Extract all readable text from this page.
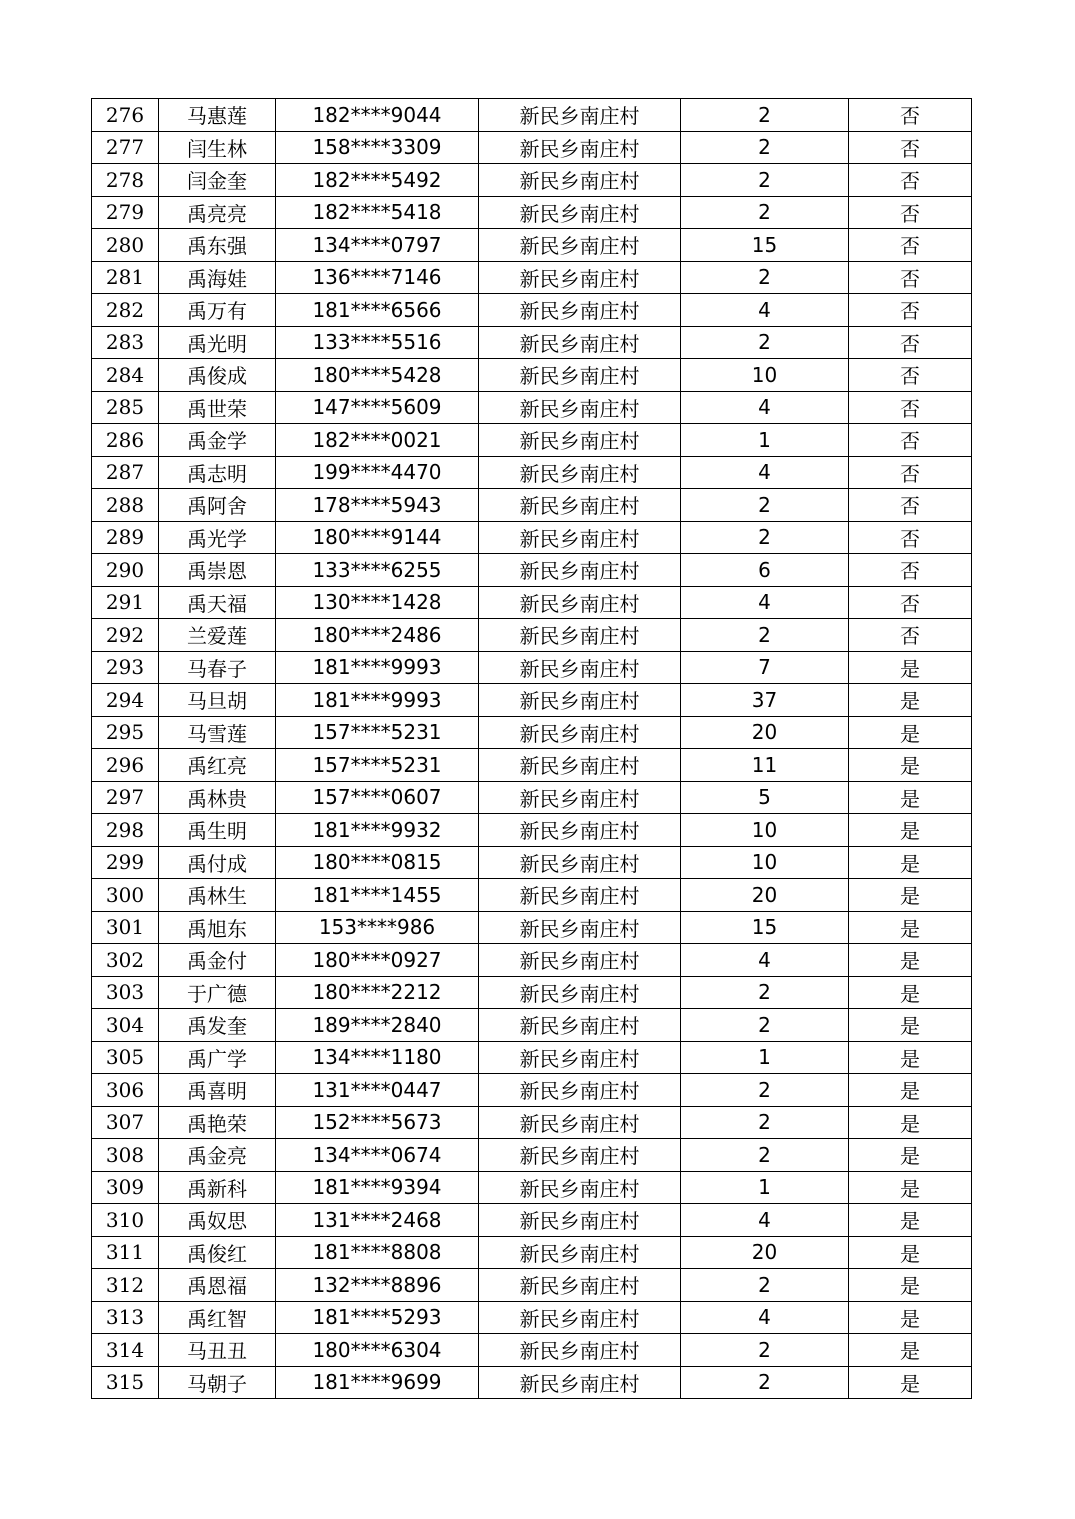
276	马惠莲	182****9044	新民乡南庄村	2	否
277	闫生林	158****3309	新民乡南庄村	2	否
278	闫金奎	182****5492	新民乡南庄村	2	否
279	禹亮亮	182****5418	新民乡南庄村	2	否
280	禹东强	134****0797	新民乡南庄村	15	否
281	禹海娃	136****7146	新民乡南庄村	2	否
282	禹万有	181****6566	新民乡南庄村	4	否
283	禹光明	133****5516	新民乡南庄村	2	否
284	禹俊成	180****5428	新民乡南庄村	10	否
285	禹世荣	147****5609	新民乡南庄村	4	否
286	禹金学	182****0021	新民乡南庄村	1	否
287	禹志明	199****4470	新民乡南庄村	4	否
288	禹阿舍	178****5943	新民乡南庄村	2	否
289	禹光学	180****9144	新民乡南庄村	2	否
290	禹崇恩	133****6255	新民乡南庄村	6	否
291	禹天福	130****1428	新民乡南庄村	4	否
292	兰爱莲	180****2486	新民乡南庄村	2	否
293	马春子	181****9993	新民乡南庄村	7	是
294	马旦胡	181****9993	新民乡南庄村	37	是
295	马雪莲	157****5231	新民乡南庄村	20	是
296	禹红亮	157****5231	新民乡南庄村	11	是
297	禹林贵	157****0607	新民乡南庄村	5	是
298	禹生明	181****9932	新民乡南庄村	10	是
299	禹付成	180****0815	新民乡南庄村	10	是
300	禹林生	181****1455	新民乡南庄村	20	是
301	禹旭东	153****986	新民乡南庄村	15	是
302	禹金付	180****0927	新民乡南庄村	4	是
303	于广德	180****2212	新民乡南庄村	2	是
304	禹发奎	189****2840	新民乡南庄村	2	是
305	禹广学	134****1180	新民乡南庄村	1	是
306	禹喜明	131****0447	新民乡南庄村	2	是
307	禹艳荣	152****5673	新民乡南庄村	2	是
308	禹金亮	134****0674	新民乡南庄村	2	是
309	禹新科	181****9394	新民乡南庄村	1	是
310	禹奴思	131****2468	新民乡南庄村	4	是
311	禹俊红	181****8808	新民乡南庄村	20	是
312	禹恩福	132****8896	新民乡南庄村	2	是
313	禹红智	181****5293	新民乡南庄村	4	是
314	马丑丑	180****6304	新民乡南庄村	2	是
315	马朝子	181****9699	新民乡南庄村	2	是
